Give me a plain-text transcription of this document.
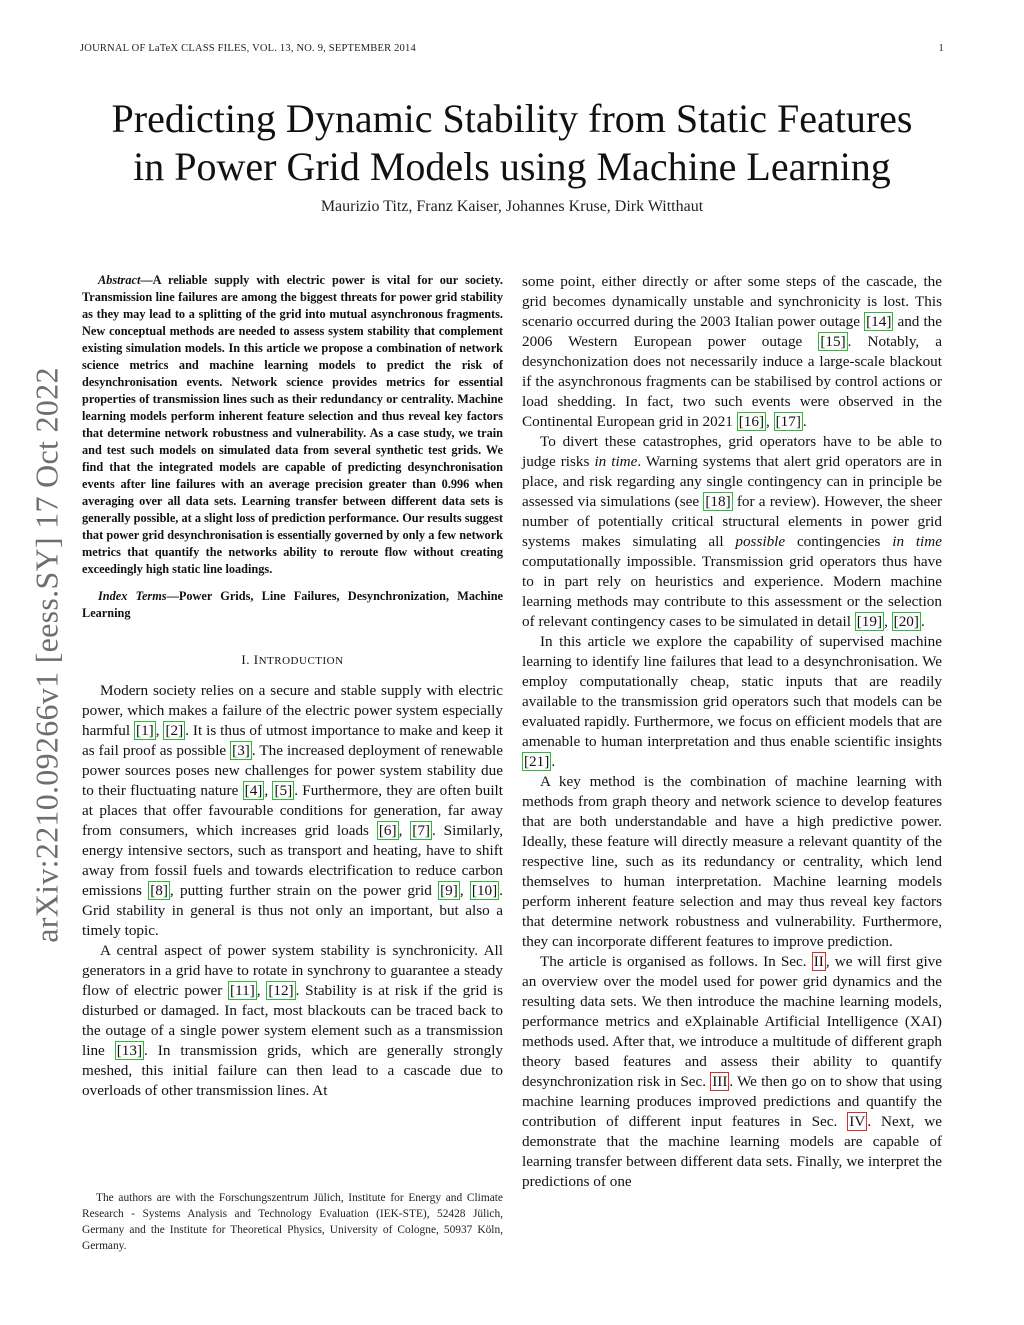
JOURNAL OF LaTeX CLASS FILES, VOL. 13, NO. 9, SEPTEMBER 2014	1
arXiv:2210.09266v1 [eess.SY] 17 Oct 2022
Predicting Dynamic Stability from Static Features
in Power Grid Models using Machine Learning
Maurizio Titz, Franz Kaiser, Johannes Kruse, Dirk Witthaut

Abstract—A reliable supply with electric power is vital for our society. Transmission line failures are among the biggest threats for power grid stability as they may lead to a splitting of the grid into mutual asynchronous fragments. New conceptual methods are needed to assess system stability that complement existing simulation models. In this article we propose a combination of network science metrics and machine learning models to predict the risk of desynchronisation events. Network science provides metrics for essential properties of transmission lines such as their redundancy or centrality. Machine learning models perform inherent feature selection and thus reveal key factors that determine network robustness and vulnerability. As a case study, we train and test such models on simulated data from several synthetic test grids. We find that the integrated models are capable of predicting desynchronisation events after line failures with an average precision greater than 0.996 when averaging over all data sets. Learning transfer between different data sets is generally possible, at a slight loss of prediction performance. Our results suggest that power grid desynchronisation is essentially governed by only a few network metrics that quantify the networks ability to reroute flow without creating exceedingly high static line loadings.

Index Terms—Power Grids, Line Failures, Desynchronization, Machine Learning

I. INTRODUCTION

Modern society relies on a secure and stable supply with electric power, which makes a failure of the electric power system especially harmful [1] , [2] . It is thus of utmost importance to make and keep it as fail proof as possible [3] . The increased deployment of renewable power sources poses new challenges for power system stability due to their fluctuating nature [4] , [5] . Furthermore, they are often built at places that offer favourable conditions for generation, far away from consumers, which increases grid loads [6] , [7] . Similarly, energy intensive sectors, such as transport and heating, have to shift away from fossil fuels and towards electrification to reduce carbon emissions [8] , putting further strain on the power grid [9] , [10] . Grid stability in general is thus not only an important, but also a timely topic.

A central aspect of power system stability is synchronicity. All generators in a grid have to rotate in synchrony to guarantee a steady flow of electric power [11] , [12] . Stability is at risk if the grid is disturbed or damaged. In fact, most blackouts can be traced back to the outage of a single power system element such as a transmission line [13] . In transmission grids, which are generally strongly meshed, this initial failure can then lead to a cascade due to overloads of other transmission lines. At

The authors are with the Forschungszentrum Jülich, Institute for Energy and Climate Research - Systems Analysis and Technology Evaluation (IEK-STE), 52428 Jülich, Germany and the Institute for Theoretical Physics, University of Cologne, 50937 Köln, Germany.

some point, either directly or after some steps of the cascade, the grid becomes dynamically unstable and synchronicity is lost. This scenario occurred during the 2003 Italian power outage [14] and the 2006 Western European power outage [15] . Notably, a desynchonization does not necessarily induce a large-scale blackout if the asynchronous fragments can be stabilised by control actions or load shedding. In fact, two such events were observed in the Continental European grid in 2021 [16] , [17] .

To divert these catastrophes, grid operators have to be able to judge risks in time. Warning systems that alert grid operators are in place, and risk regarding any single contingency can in principle be assessed via simulations (see [18] for a review). However, the sheer number of potentially critical structural elements in power grid systems makes simulating all possible contingencies in time computationally impossible. Transmission grid operators thus have to in part rely on heuristics and experience. Modern machine learning methods may contribute to this assessment or the selection of relevant contingency cases to be simulated in detail [19] , [20] .

In this article we explore the capability of supervised machine learning to identify line failures that lead to a desynchronisation. We employ computationally cheap, static inputs that are readily available to the transmission grid operators such that models can be evaluated rapidly. Furthermore, we focus on efficient models that are amenable to human interpretation and thus enable scientific insights [21] .

A key method is the combination of machine learning with methods from graph theory and network science to develop features that are both understandable and have a high predictive power. Ideally, these feature will directly measure a relevant quantity of the respective line, such as its redundancy or centrality, which lend themselves to human interpretation. Machine learning models perform inherent feature selection and may thus reveal key factors that determine network robustness and vulnerability. Furthermore, they can incorporate different features to improve prediction.

The article is organised as follows. In Sec. II , we will first give an overview over the model used for power grid dynamics and the resulting data sets. We then introduce the machine learning models, performance metrics and eXplainable Artificial Intelligence (XAI) methods used. After that, we introduce a multitude of different graph theory based features and assess their ability to quantify desynchronization risk in Sec. III . We then go on to show that using machine learning produces improved predictions and quantify the contribution of different input features in Sec. IV . Next, we demonstrate that the machine learning models are capable of learning transfer between different data sets. Finally, we interpret the predictions of one
